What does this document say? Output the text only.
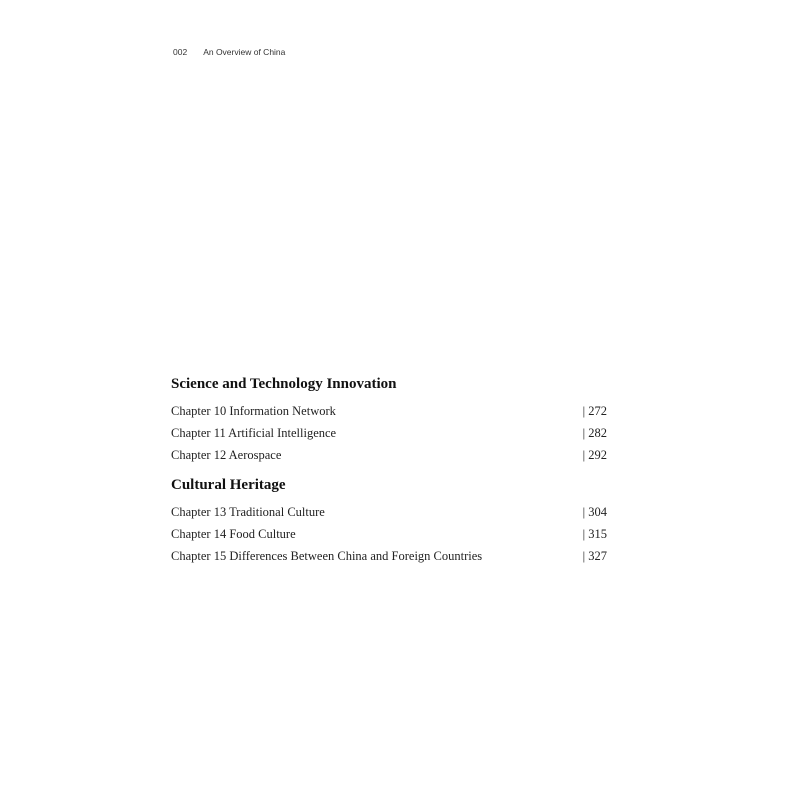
002 An Overview of China
Science and Technology Innovation
Chapter 10 Information Network	| 272
Chapter 11 Artificial Intelligence	| 282
Chapter 12 Aerospace	| 292
Cultural Heritage
Chapter 13 Traditional Culture	| 304
Chapter 14 Food Culture	| 315
Chapter 15 Differences Between China and Foreign Countries	| 327
